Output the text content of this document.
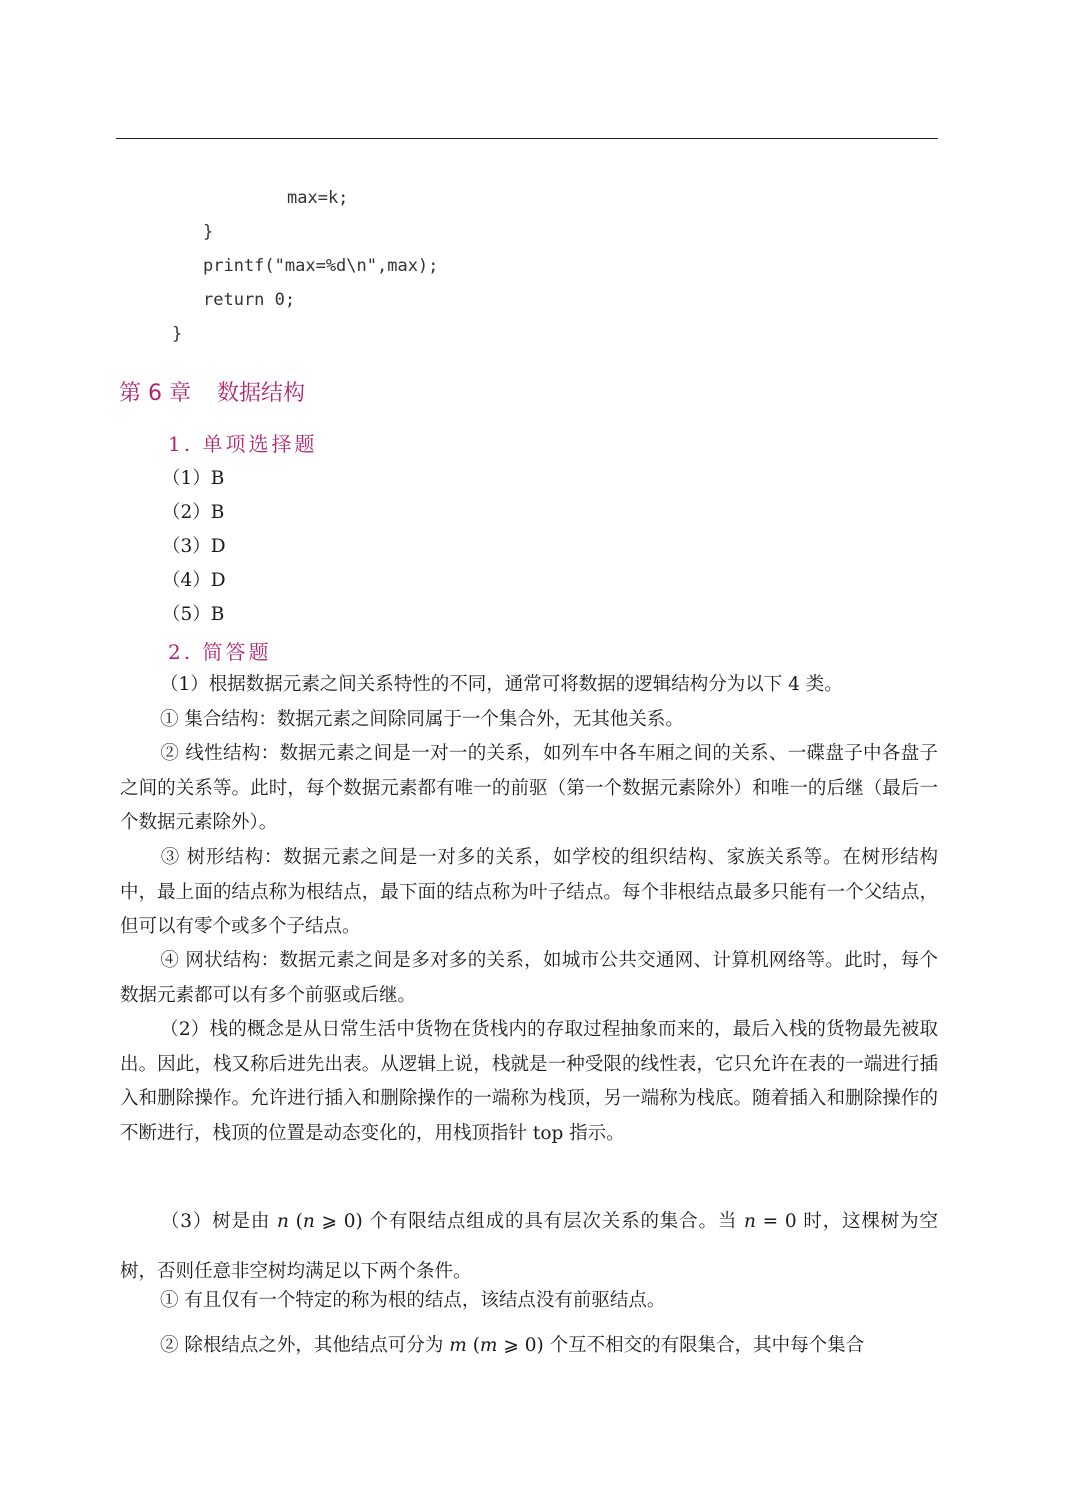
max=k;
}
printf("max=%d\n",max);
return 0;
}
第 6 章 数据结构
1. 单项选择题
（1）B
（2）B
（3）D
（4）D
（5）B
2. 简答题
（1）根据数据元素之间关系特性的不同，通常可将数据的逻辑结构分为以下 4 类。
① 集合结构：数据元素之间除同属于一个集合外，无其他关系。
② 线性结构：数据元素之间是一对一的关系，如列车中各车厢之间的关系、一碟盘子中各盘子之间的关系等。此时，每个数据元素都有唯一的前驱（第一个数据元素除外）和唯一的后继（最后一个数据元素除外）。
③ 树形结构：数据元素之间是一对多的关系，如学校的组织结构、家族关系等。在树形结构中，最上面的结点称为根结点，最下面的结点称为叶子结点。每个非根结点最多只能有一个父结点，但可以有零个或多个子结点。
④ 网状结构：数据元素之间是多对多的关系，如城市公共交通网、计算机网络等。此时，每个数据元素都可以有多个前驱或后继。
（2）栈的概念是从日常生活中货物在货栈内的存取过程抽象而来的，最后入栈的货物最先被取出。因此，栈又称后进先出表。从逻辑上说，栈就是一种受限的线性表，它只允许在表的一端进行插入和删除操作。允许进行插入和删除操作的一端称为栈顶，另一端称为栈底。随着插入和删除操作的不断进行，栈顶的位置是动态变化的，用栈顶指针 top 指示。
（3）树是由 n (n ⩾ 0) 个有限结点组成的具有层次关系的集合。当 n = 0 时，这棵树为空树，否则任意非空树均满足以下两个条件。
① 有且仅有一个特定的称为根的结点，该结点没有前驱结点。
② 除根结点之外，其他结点可分为 m (m ⩾ 0) 个互不相交的有限集合，其中每个集合
